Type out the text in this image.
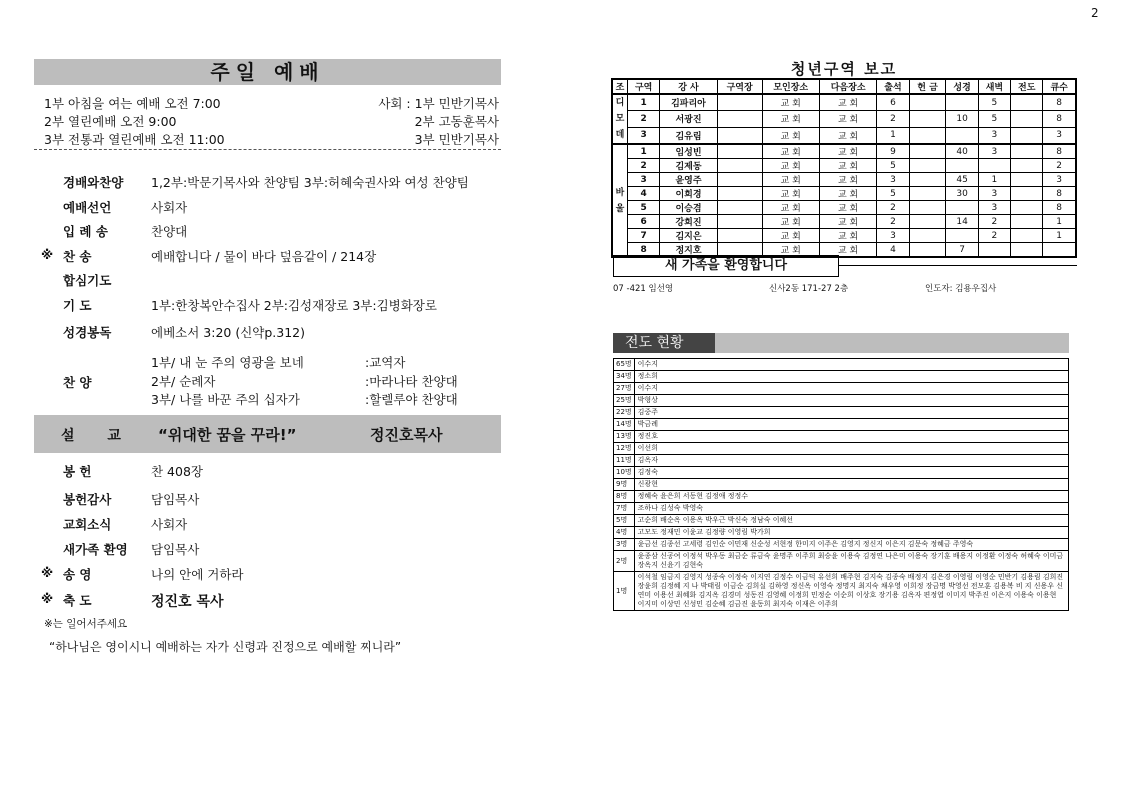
2
주일 예배
1부 아침을 여는 예배 오전 7:00	사회 : 1부 민반기목사
2부 열린예배 오전 9:00	2부 고동훈목사
3부 전통과 열린예배 오전 11:00	3부 민반기목사
경배와찬양 1,2부:박문기목사와 찬양팀 3부:허혜숙권사와 여성 찬양팀
예배선언	사회자
입 례 송	찬양대
※ 찬 송	예배합니다 / 물이 바다 덮음같이 / 214장
합심기도
기 도	1부:한창복안수집사 2부:김성재장로 3부:김병화장로
성경봉독	에베소서 3:20 (신약p.312)
찬 양
1부/ 내 눈 주의 영광을 보네	:교역자
2부/ 순례자	:마라나타 찬양대
3부/ 나를 바꾼 주의 십자가	:할렐루야 찬양대
설 교 “위대한 꿈을 꾸라!”	정진호목사
봉 헌	찬 408장
봉헌감사	담임목사
교회소식	사회자
새가족 환영 담임목사
※ 송 영	나의 안에 거하라
※ 축 도	정진호 목사
※는 일어서주세요
“하나님은 영이시니 예배하는 자가 신령과 진정으로 예배할 찌니라”
청년구역 보고
조	구역	강 사	구역장	모인장소	다음장소	출석	헌 금	성경	새벽	전도	큐수
디모데	1	김파리아		교 회	교 회	6			5		8
	2	서광진		교 회	교 회	2		10	5		8
	3	김유림		교 회	교 회	1			3		3
바울	1	임성빈		교 회	교 회	9		40	3		8
	2	김제동		교 회	교 회	5					2
	3	윤영주		교 회	교 회	3		45	1		3
	4	이희경		교 회	교 회	5		30	3		8
	5	이승겸		교 회	교 회	2			3		8
	6	강희진		교 회	교 회	2		14	2		1
	7	김지은		교 회	교 회	3			2		1
	8	정지호		교 회	교 회	4		7			
새 가족을 환영합니다
07 -421 임선영	신사2동 171-27 2층	인도자: 김용우집사
전도 현황
65명	이수지
34명	정소희
27명	이수지
25명	박형상
22명	김중주
14명	박금례
13명	정진호
12명	이선희
11명	김옥자
10명	김정숙
9명	신광현
8명	정혜숙 윤은희 서동현 김정애 정정수
7명	조하나 김성숙 박영숙
5명	고순희 배순옥 이용옥 박우근 박신숙 정남숙 이혜선
4명	고모도 정재민 이윤교 김정량 이영림 박가희
3명	윤금선 김종선 고세령 김인순 이민재 신순성 서현정 한미지 이주은 김영지 정신지 이은지 김문숙 정혜금 주영숙
2명	윤종삼 신공여 이정석 박우동 최금순 류금숙 윤명주 이주희 최승윤 이용숙 김정연 나은미 이용숙 장기훈 배용지 이정환 이정숙 허혜숙 이미금 장옥지 신윤기 김현숙
1명	이석철 임금지 김영지 성종숙 이정숙 이지연 김정수 이금덕 유선희 배주현 김지숙 김종숙 배정지 김은경 이영림 이영순 민반기 김용림 김희진 장윤희 김정혜 지 나 박태림 이금순 김희실 김하영 정신옥 이영숙 정명지 최지숙 채우영 이희정 장금명 박영선 전모훈 김용복 비 지 신용우 신연미 이용선 최혜화 김지옥 김경미 성동진 김영혜 이정희 민정순 이순희 이상호 장기용 김옥자 편정엽 이미지 박주진 이은지 이용숙 이용현 이지미 이상민 신성민 김순혜 김금진 윤동희 최지숙 이재은 이주희
